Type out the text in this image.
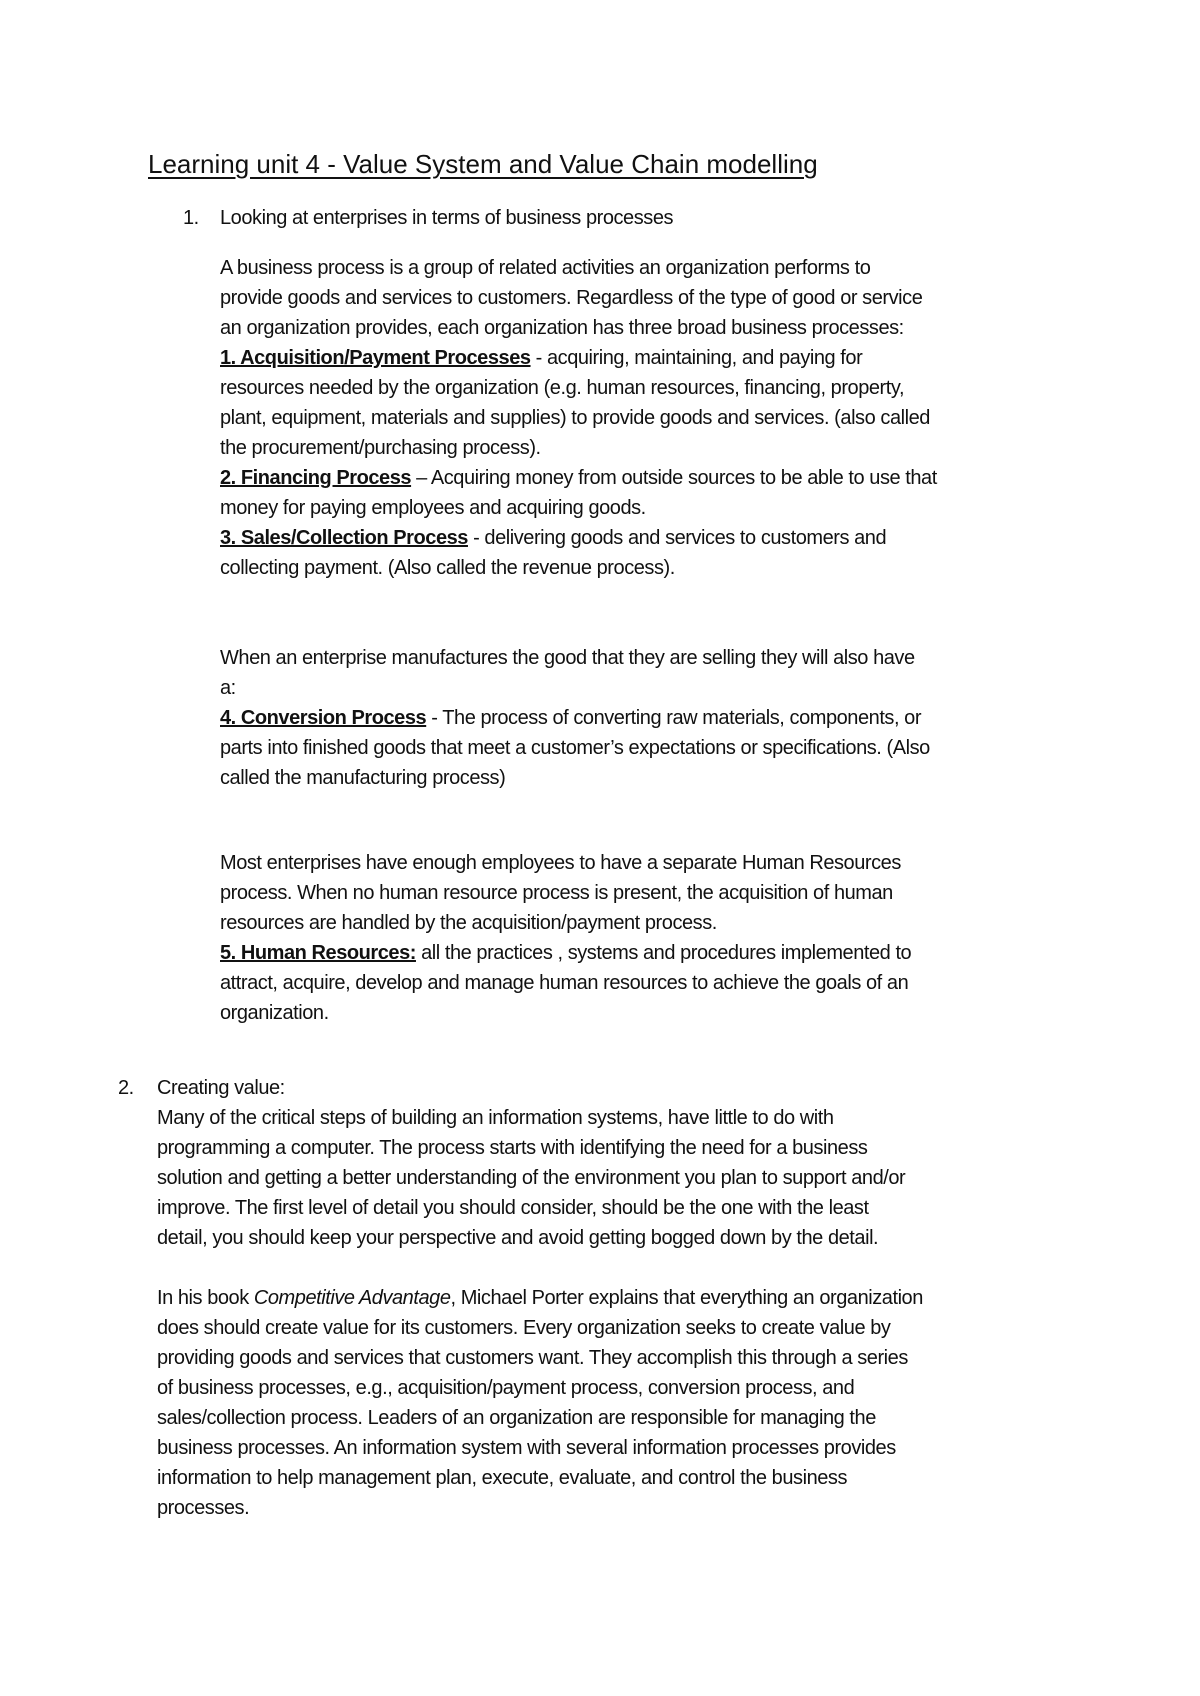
Learning unit 4 - Value System and Value Chain modelling
1. Looking at enterprises in terms of business processes
A business process is a group of related activities an organization performs to
provide goods and services to customers. Regardless of the type of good or service
an organization provides, each organization has three broad business processes:
1. Acquisition/Payment Processes - acquiring, maintaining, and paying for
resources needed by the organization (e.g. human resources, financing, property,
plant, equipment, materials and supplies) to provide goods and services. (also called
the procurement/purchasing process).
2. Financing Process – Acquiring money from outside sources to be able to use that
money for paying employees and acquiring goods.
3. Sales/Collection Process - delivering goods and services to customers and
collecting payment. (Also called the revenue process).
When an enterprise manufactures the good that they are selling they will also have
a:
4. Conversion Process - The process of converting raw materials, components, or
parts into finished goods that meet a customer’s expectations or specifications. (Also
called the manufacturing process)
Most enterprises have enough employees to have a separate Human Resources
process. When no human resource process is present, the acquisition of human
resources are handled by the acquisition/payment process.
5. Human Resources: all the practices , systems and procedures implemented to
attract, acquire, develop and manage human resources to achieve the goals of an
organization.
2. Creating value:
Many of the critical steps of building an information systems, have little to do with
programming a computer. The process starts with identifying the need for a business
solution and getting a better understanding of the environment you plan to support and/or
improve. The first level of detail you should consider, should be the one with the least
detail, you should keep your perspective and avoid getting bogged down by the detail.
In his book Competitive Advantage, Michael Porter explains that everything an organization
does should create value for its customers. Every organization seeks to create value by
providing goods and services that customers want. They accomplish this through a series
of business processes, e.g., acquisition/payment process, conversion process, and
sales/collection process. Leaders of an organization are responsible for managing the
business processes. An information system with several information processes provides
information to help management plan, execute, evaluate, and control the business
processes.
